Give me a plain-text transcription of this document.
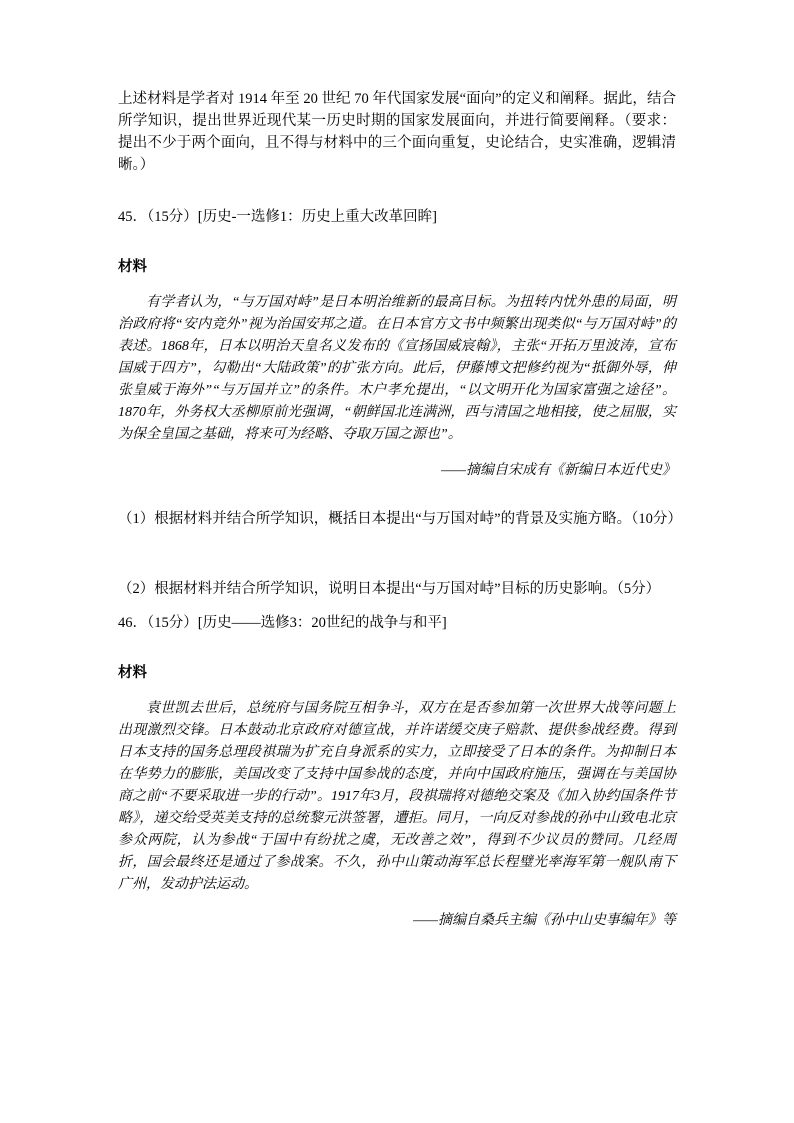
上述材料是学者对 1914 年至 20 世纪 70 年代国家发展“面向”的定义和阐释。据此，结合所学知识，提出世界近现代某一历史时期的国家发展面向，并进行简要阐释。（要求：提出不少于两个面向，且不得与材料中的三个面向重复，史论结合，史实准确，逻辑清晰。）

45．（15分）[历史-一选修1：历史上重大改革回眸]

材料

有学者认为，“与万国对峙”是日本明治维新的最高目标。为扭转内忧外患的局面，明治政府将“安内竞外”视为治国安邦之道。在日本官方文书中频繁出现类似“与万国对峙”的表述。1868年，日本以明治天皇名义发布的《宣扬国威宸翰》，主张“开拓万里波涛，宣布国威于四方”，勾勒出“大陆政策”的扩张方向。此后，伊藤博文把修约视为“抵御外辱，伸张皇威于海外”“与万国并立”的条件。木户孝允提出，“以文明开化为国家富强之途径”。1870年，外务权大丞柳原前光强调，“朝鲜国北连满洲，西与清国之地相接，使之屈服，实为保全皇国之基础，将来可为经略、夺取万国之源也”。

——摘编自宋成有《新编日本近代史》

（1）根据材料并结合所学知识，概括日本提出“与万国对峙”的背景及实施方略。（10分）

（2）根据材料并结合所学知识，说明日本提出“与万国对峙”目标的历史影响。（5分）

46．（15分）[历史——选修3：20世纪的战争与和平]

材料

袁世凯去世后，总统府与国务院互相争斗，双方在是否参加第一次世界大战等问题上出现激烈交锋。日本鼓动北京政府对德宣战，并许诺缓交庚子赔款、提供参战经费。得到日本支持的国务总理段祺瑞为扩充自身派系的实力，立即接受了日本的条件。为抑制日本在华势力的膨胀，美国改变了支持中国参战的态度，并向中国政府施压，强调在与美国协商之前“不要采取进一步的行动”。1917年3月，段祺瑞将对德绝交案及《加入协约国条件节略》，递交给受英美支持的总统黎元洪签署，遭拒。同月，一向反对参战的孙中山致电北京参众两院，认为参战“于国中有纷扰之虞，无改善之效”，得到不少议员的赞同。几经周折，国会最终还是通过了参战案。不久，孙中山策动海军总长程璧光率海军第一舰队南下广州，发动护法运动。

——摘编自桑兵主编《孙中山史事编年》等
